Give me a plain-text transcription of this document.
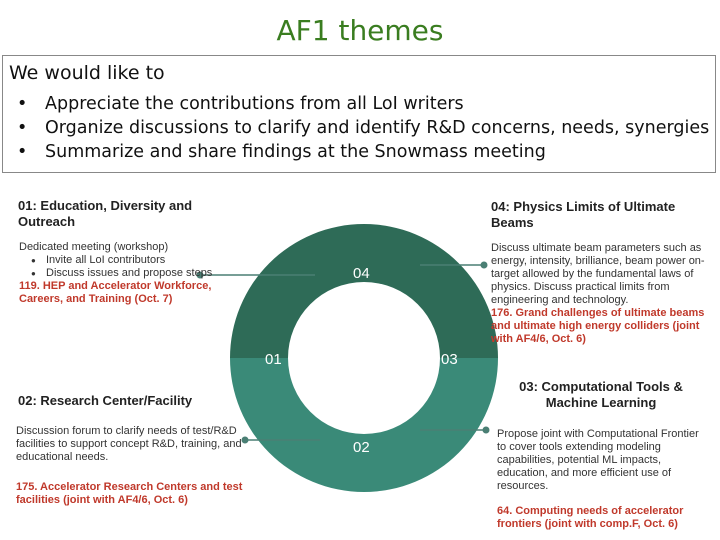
AF1 themes
We would like to
• Appreciate the contributions from all LoI writers
• Organize discussions to clarify and identify R&D concerns, needs, synergies
• Summarize and share findings at the Snowmass meeting
04
01	03
02
01: Education, Diversity and Outreach
Dedicated meeting (workshop)
● Invite all LoI contributors
● Discuss issues and propose steps
119. HEP and Accelerator Workforce, Careers, and Training (Oct. 7)
04: Physics Limits of Ultimate Beams
Discuss ultimate beam parameters such as energy, intensity, brilliance, beam power on-target allowed by the fundamental laws of physics. Discuss practical limits from engineering and technology.
176. Grand challenges of ultimate beams and ultimate high energy colliders (joint with AF4/6, Oct. 6)
02: Research Center/Facility
Discussion forum to clarify needs of test/R&D facilities to support concept R&D, training, and educational needs.
175. Accelerator Research Centers and test facilities (joint with AF4/6, Oct. 6)
03: Computational Tools & Machine Learning
Propose joint with Computational Frontier to cover tools extending modeling capabilities, potential ML impacts, education, and more efficient use of resources.
64. Computing needs of accelerator frontiers (joint with comp.F, Oct. 6)
